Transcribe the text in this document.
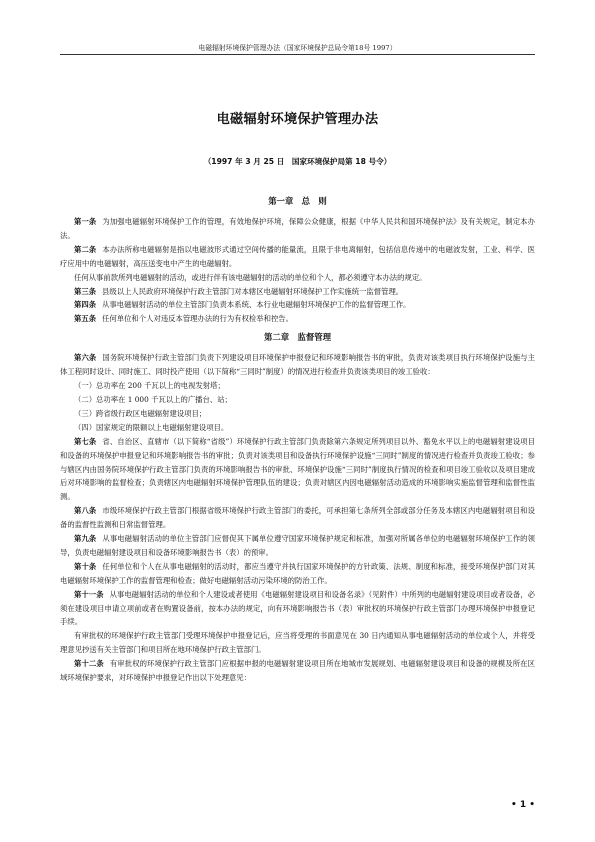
电磁辐射环境保护管理办法（国家环境保护总局令第18号 1997）
电磁辐射环境保护管理办法
（1997 年 3 月 25 日　国家环境保护局第 18 号令）
第一章　总　则

第一条 为加强电磁辐射环境保护工作的管理，有效地保护环境，保障公众健康，根据《中华人民共和国环境保护法》及有关规定，制定本办法。

第二条 本办法所称电磁辐射是指以电磁波形式通过空间传播的能量流，且限于非电离辐射，包括信息传递中的电磁波发射，工业、科学、医疗应用中的电磁辐射，高压送变电中产生的电磁辐射。

任何从事前款所列电磁辐射的活动，或进行伴有该电磁辐射的活动的单位和个人，都必须遵守本办法的规定。

第三条 县级以上人民政府环境保护行政主管部门对本辖区电磁辐射环境保护工作实施统一监督管理。

第四条 从事电磁辐射活动的单位主管部门负责本系统、本行业电磁辐射环境保护工作的监督管理工作。

第五条 任何单位和个人对违反本管理办法的行为有权检举和控告。

第二章　监督管理

第六条 国务院环境保护行政主管部门负责下列建设项目环境保护申报登记和环境影响报告书的审批，负责对该类项目执行环境保护设施与主体工程同时设计、同时施工、同时投产使用（以下简称“三同时”制度）的情况进行检查并负责该类项目的竣工验收：

（一）总功率在 200 千瓦以上的电视发射塔；

（二）总功率在 1 000 千瓦以上的广播台、站；

（三）跨省级行政区电磁辐射建设项目；

（四）国家规定的限额以上电磁辐射建设项目。

第七条 省、自治区、直辖市（以下简称“省级”）环境保护行政主管部门负责除第六条规定所列项目以外、豁免水平以上的电磁辐射建设项目和设备的环境保护申报登记和环境影响报告书的审批；负责对该类项目和设备执行环境保护设施“三同时”制度的情况进行检查并负责竣工验收；参与辖区内由国务院环境保护行政主管部门负责的环境影响报告书的审批、环境保护设施“三同时”制度执行情况的检查和项目竣工验收以及项目建成后对环境影响的监督检查；负责辖区内电磁辐射环境保护管理队伍的建设；负责对辖区内因电磁辐射活动造成的环境影响实施监督管理和监督性监测。

第八条 市级环境保护行政主管部门根据省级环境保护行政主管部门的委托，可承担第七条所列全部或部分任务及本辖区内电磁辐射项目和设备的监督性监测和日常监督管理。

第九条 从事电磁辐射活动的单位主管部门应督促其下属单位遵守国家环境保护规定和标准，加强对所属各单位的电磁辐射环境保护工作的领导，负责电磁辐射建设项目和设备环境影响报告书（表）的预审。

第十条 任何单位和个人在从事电磁辐射的活动时，都应当遵守并执行国家环境保护的方针政策、法规、制度和标准，接受环境保护部门对其电磁辐射环境保护工作的监督管理和检查；做好电磁辐射活动污染环境的防治工作。

第十一条 从事电磁辐射活动的单位和个人建设或者使用《电磁辐射建设项目和设备名录》（见附件）中所列的电磁辐射建设项目或者设备，必须在建设项目申请立项前或者在购置设备前，按本办法的规定，向有环境影响报告书（表）审批权的环境保护行政主管部门办理环境保护申报登记手续。

有审批权的环境保护行政主管部门受理环境保护申报登记后，应当将受理的书面意见在 30 日内通知从事电磁辐射活动的单位或个人，并将受理意见抄送有关主管部门和项目所在地环境保护行政主管部门。

第十二条 有审批权的环境保护行政主管部门应根据申报的电磁辐射建设项目所在地城市发展规划、电磁辐射建设项目和设备的规模及所在区域环境保护要求，对环境保护申报登记作出以下处理意见：

• 1 •
